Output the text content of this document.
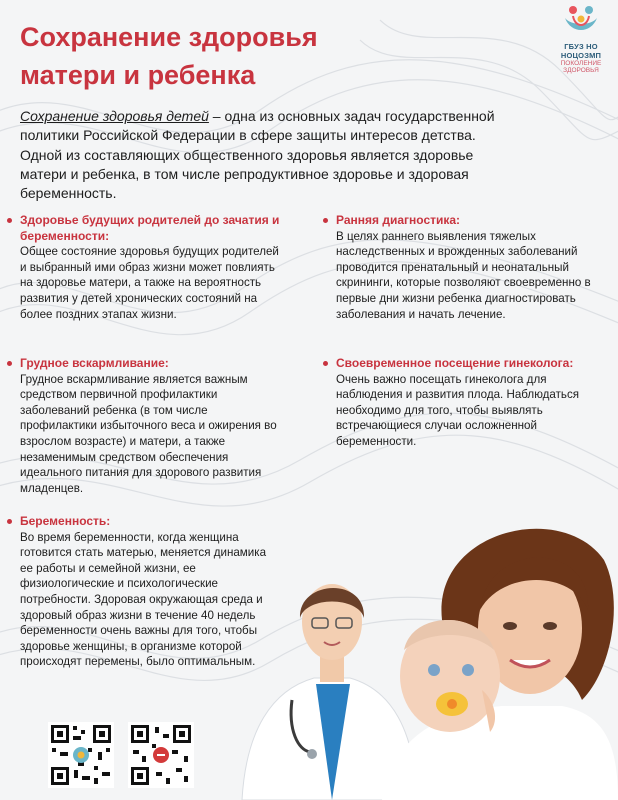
Сохранение здоровья
матери и ребенка
ГБУЗ НО НОЦОЗМП
ПОКОЛЕНИЕ ЗДОРОВЬЯ

Сохранение здоровья детей – одна из основных задач государственной политики Российской Федерации в сфере защиты интересов детства. Одной из составляющих общественного здоровья является здоровье матери и ребенка, в том числе репродуктивное здоровье и здоровая беременность.

Здоровье будущих родителей до зачатия и беременности:

Общее состояние здоровья будущих родителей и выбранный ими образ жизни может повлиять на здоровье матери, а также на вероятность развития у детей хронических состояний на более поздних этапах жизни.

Ранняя диагностика:

В целях раннего выявления тяжелых наследственных и врожденных заболеваний проводится пренатальный и неонатальный скрининги, которые позволяют своевременно в первые дни жизни ребенка диагностировать заболевания и начать лечение.

Грудное вскармливание:

Грудное вскармливание является важным средством первичной профилактики заболеваний ребенка (в том числе профилактики избыточного веса и ожирения во взрослом возрасте) и матери, а также незаменимым средством обеспечения идеального питания для здорового развития младенцев.

Своевременное посещение гинеколога:

Очень важно посещать гинеколога для наблюдения и развития плода. Наблюдаться необходимо для того, чтобы выявлять встречающиеся случаи осложненной беременности.

Беременность:

Во время беременности, когда женщина готовится стать матерью, меняется динамика ее работы и семейной жизни, ее физиологические и психологические потребности. Здоровая окружающая среда и здоровый образ жизни в течение 40 недель беременности очень важны для того, чтобы здоровье женщины, в организме которой происходят перемены, было оптимальным.
